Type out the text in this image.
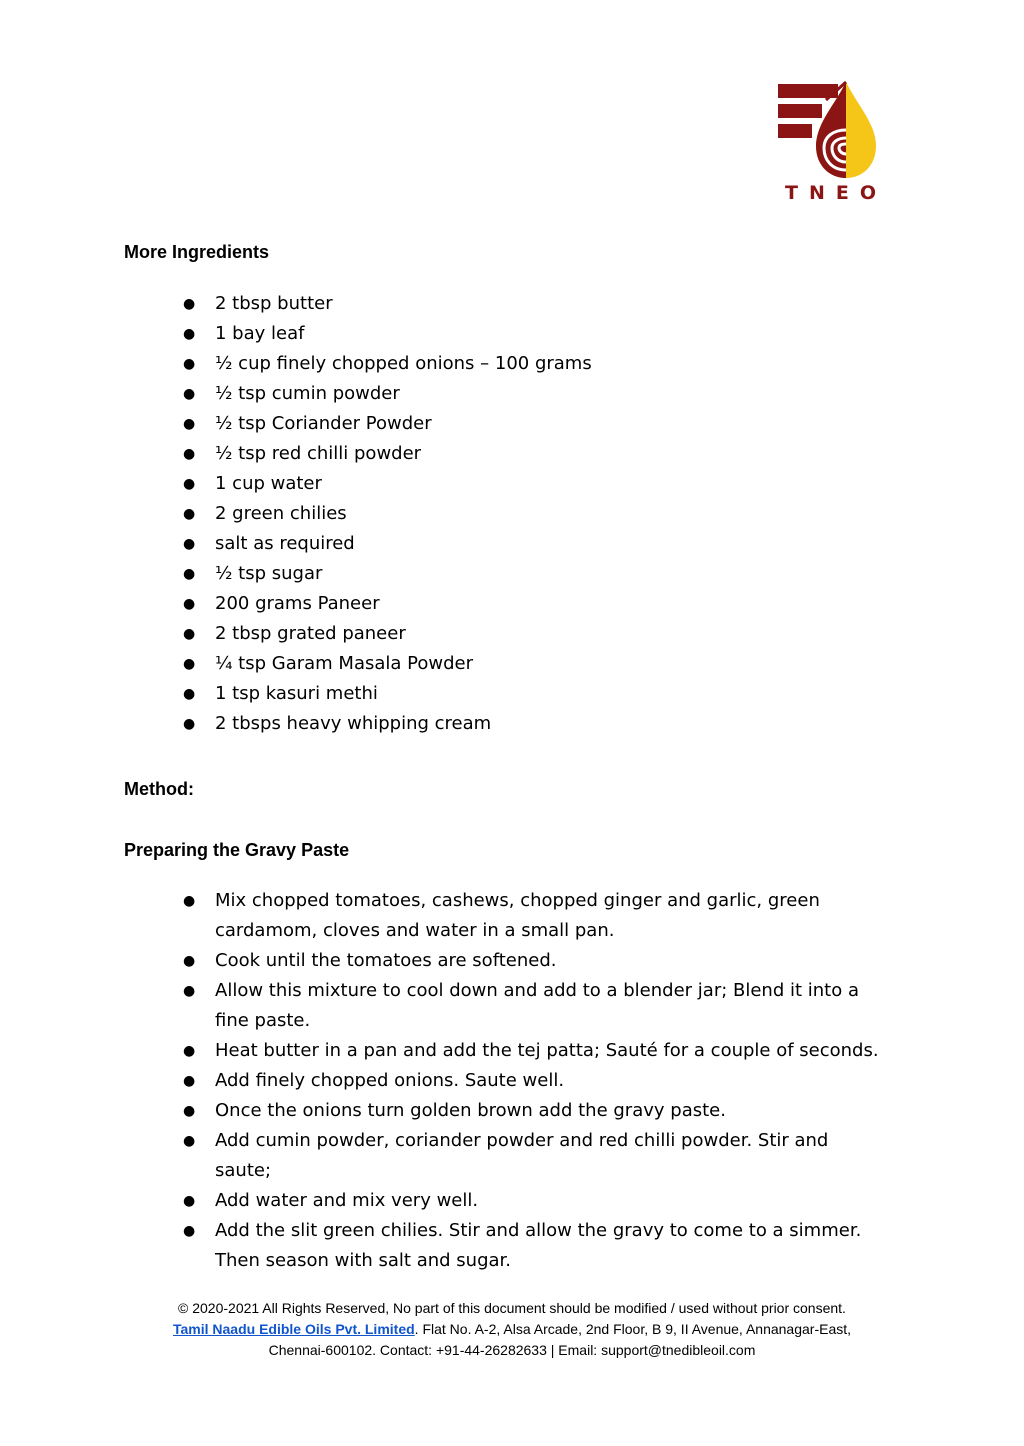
TNEO
More Ingredients
● 2 tbsp butter
● 1 bay leaf
● ½ cup finely chopped onions – 100 grams
● ½ tsp cumin powder
● ½ tsp Coriander Powder
● ½ tsp red chilli powder
● 1 cup water
● 2 green chilies
● salt as required
● ½ tsp sugar
● 200 grams Paneer
● 2 tbsp grated paneer
● ¼ tsp Garam Masala Powder
● 1 tsp kasuri methi
● 2 tbsps heavy whipping cream
Method:
Preparing the Gravy Paste
● Mix chopped tomatoes, cashews, chopped ginger and garlic, green cardamom, cloves and water in a small pan.
● Cook until the tomatoes are softened.
● Allow this mixture to cool down and add to a blender jar; Blend it into a fine paste.
● Heat butter in a pan and add the tej patta; Sauté for a couple of seconds.
● Add finely chopped onions. Saute well.
● Once the onions turn golden brown add the gravy paste.
● Add cumin powder, coriander powder and red chilli powder. Stir and saute;
● Add water and mix very well.
● Add the slit green chilies. Stir and allow the gravy to come to a simmer. Then season with salt and sugar.
© 2020-2021 All Rights Reserved, No part of this document should be modified / used without prior consent.
Tamil Naadu Edible Oils Pvt. Limited. Flat No. A-2, Alsa Arcade, 2nd Floor, B 9, II Avenue, Annanagar-East,
Chennai-600102. Contact: +91-44-26282633 | Email: support@tnedibleoil.com
